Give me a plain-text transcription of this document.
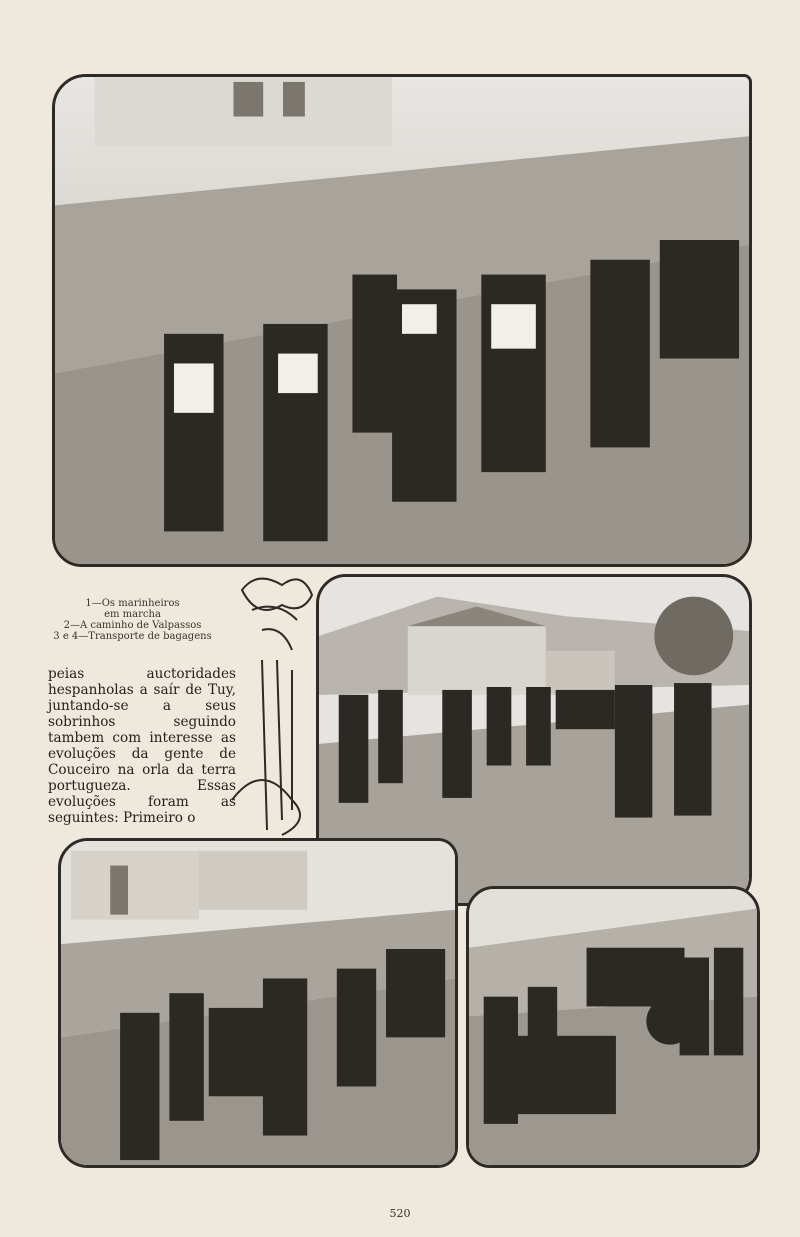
1—Os marinheiros
em marcha
2—A caminho de Valpassos
3 e 4—Transporte de bagagens

peias auctoridades hespanholas a saír de Tuy, juntando-se a seus sobrinhos seguindo tambem com interesse as evoluções da gente de Couceiro na orla da terra portugueza. Essas evoluções foram as seguintes: Primeiro o

520
